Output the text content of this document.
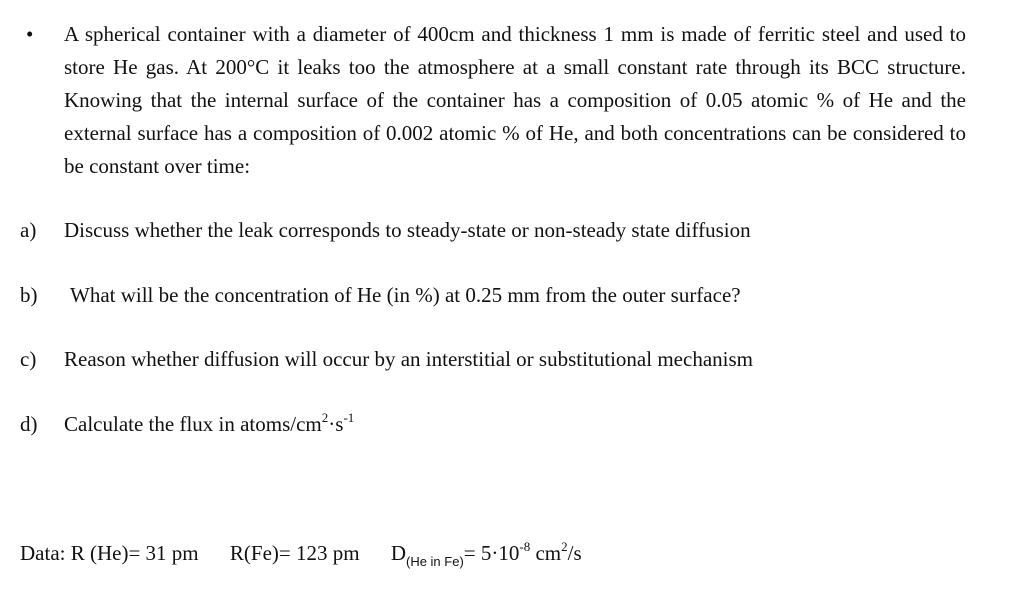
• A spherical container with a diameter of 400cm and thickness 1 mm is made of ferritic steel and used to store He gas. At 200°C it leaks too the atmosphere at a small constant rate through its BCC structure. Knowing that the internal surface of the container has a composition of 0.05 atomic % of He and the external surface has a composition of 0.002 atomic % of He, and both concentrations can be considered to be constant over time:

a) Discuss whether the leak corresponds to steady-state or non-steady state diffusion
b) What will be the concentration of He (in %) at 0.25 mm from the outer surface?
c) Reason whether diffusion will occur by an interstitial or substitutional mechanism
d) Calculate the flux in atoms/$cm^2\cdot s^{-1}$
Data: R (He)= 31 pm R(Fe)= 123 pm $D_{(He in Fe)}= 5\cdot 10^{-8}$ $cm^2/s$
